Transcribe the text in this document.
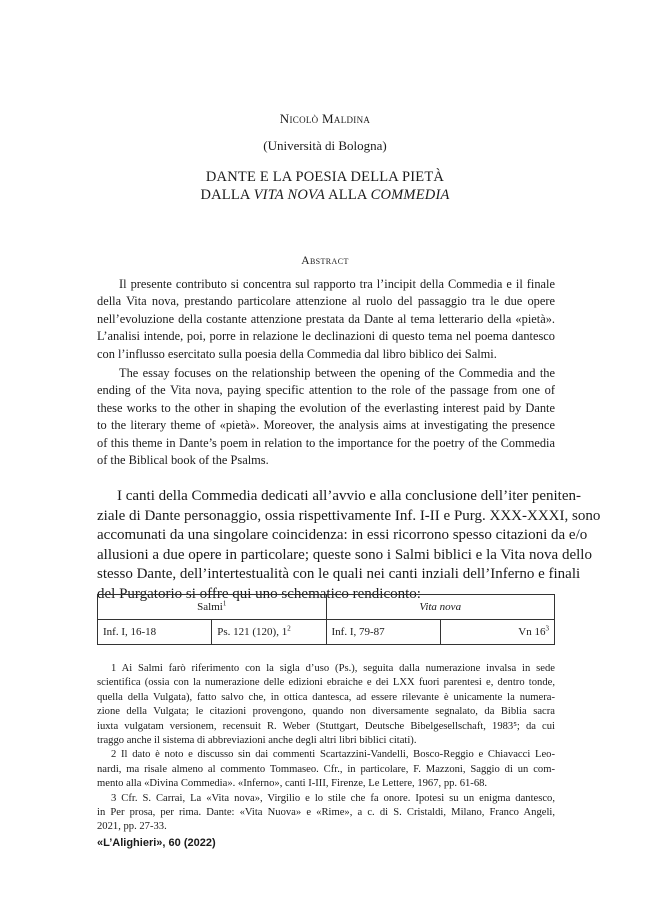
Nicolò Maldina
(Università di Bologna)
DANTE E LA POESIA DELLA PIETÀ
DALLA VITA NOVA ALLA COMMEDIA
Abstract
Il presente contributo si concentra sul rapporto tra l’incipit della Commedia e il finale
della Vita nova, prestando particolare attenzione al ruolo del passaggio tra le due opere
nell’evoluzione della costante attenzione prestata da Dante al tema letterario della «pietà».
L’analisi intende, poi, porre in relazione le declinazioni di questo tema nel poema dantesco
con l’influsso esercitato sulla poesia della Commedia dal libro biblico dei Salmi.
The essay focuses on the relationship between the opening of the Commedia and the
ending of the Vita nova, paying specific attention to the role of the passage from one of
these works to the other in shaping the evolution of the everlasting interest paid by Dante
to the literary theme of «pietà». Moreover, the analysis aims at investigating the presence
of this theme in Dante’s poem in relation to the importance for the poetry of the Commedia
of the Biblical book of the Psalms.
I canti della Commedia dedicati all’avvio e alla conclusione dell’iter peniten-
ziale di Dante personaggio, ossia rispettivamente Inf. I-II e Purg. XXX-XXXI, sono
accomunati da una singolare coincidenza: in essi ricorrono spesso citazioni da e/o
allusioni a due opere in particolare; queste sono i Salmi biblici e la Vita nova dello
stesso Dante, dell’intertestualità con le quali nei canti inziali dell’Inferno e finali
del Purgatorio si offre qui uno schematico rendiconto:
Salmi$^1$		Vita nova	
Inf. I, 16-18	Ps. 121 (120), $1^2$	Inf. I, 79-87	Vn $16^3$
1 Ai Salmi farò riferimento con la sigla d’uso (Ps.), seguita dalla numerazione invalsa in sede
scientifica (ossia con la numerazione delle edizioni ebraiche e dei LXX fuori parentesi e, dentro tonde,
quella della Vulgata), fatto salvo che, in ottica dantesca, ad essere rilevante è unicamente la numera-
zione della Vulgata; le citazioni provengono, quando non diversamente segnalato, da Biblia sacra
iuxta vulgatam versionem, recensuit R. Weber (Stuttgart, Deutsche Bibelgesellschaft, 1983⁵; da cui
traggo anche il sistema di abbreviazioni anche degli altri libri biblici citati).
2 Il dato è noto e discusso sin dai commenti Scartazzini-Vandelli, Bosco-Reggio e Chiavacci Leo-
nardi, ma risale almeno al commento Tommaseo. Cfr., in particolare, F. Mazzoni, Saggio di un com-
mento alla «Divina Commedia». «Inferno», canti I-III, Firenze, Le Lettere, 1967, pp. 61-68.
3 Cfr. S. Carrai, La «Vita nova», Virgilio e lo stile che fa onore. Ipotesi su un enigma dantesco,
in Per prosa, per rima. Dante: «Vita Nuova» e «Rime», a c. di S. Cristaldi, Milano, Franco Angeli,
2021, pp. 27-33.
«L’Alighieri», 60 (2022)
